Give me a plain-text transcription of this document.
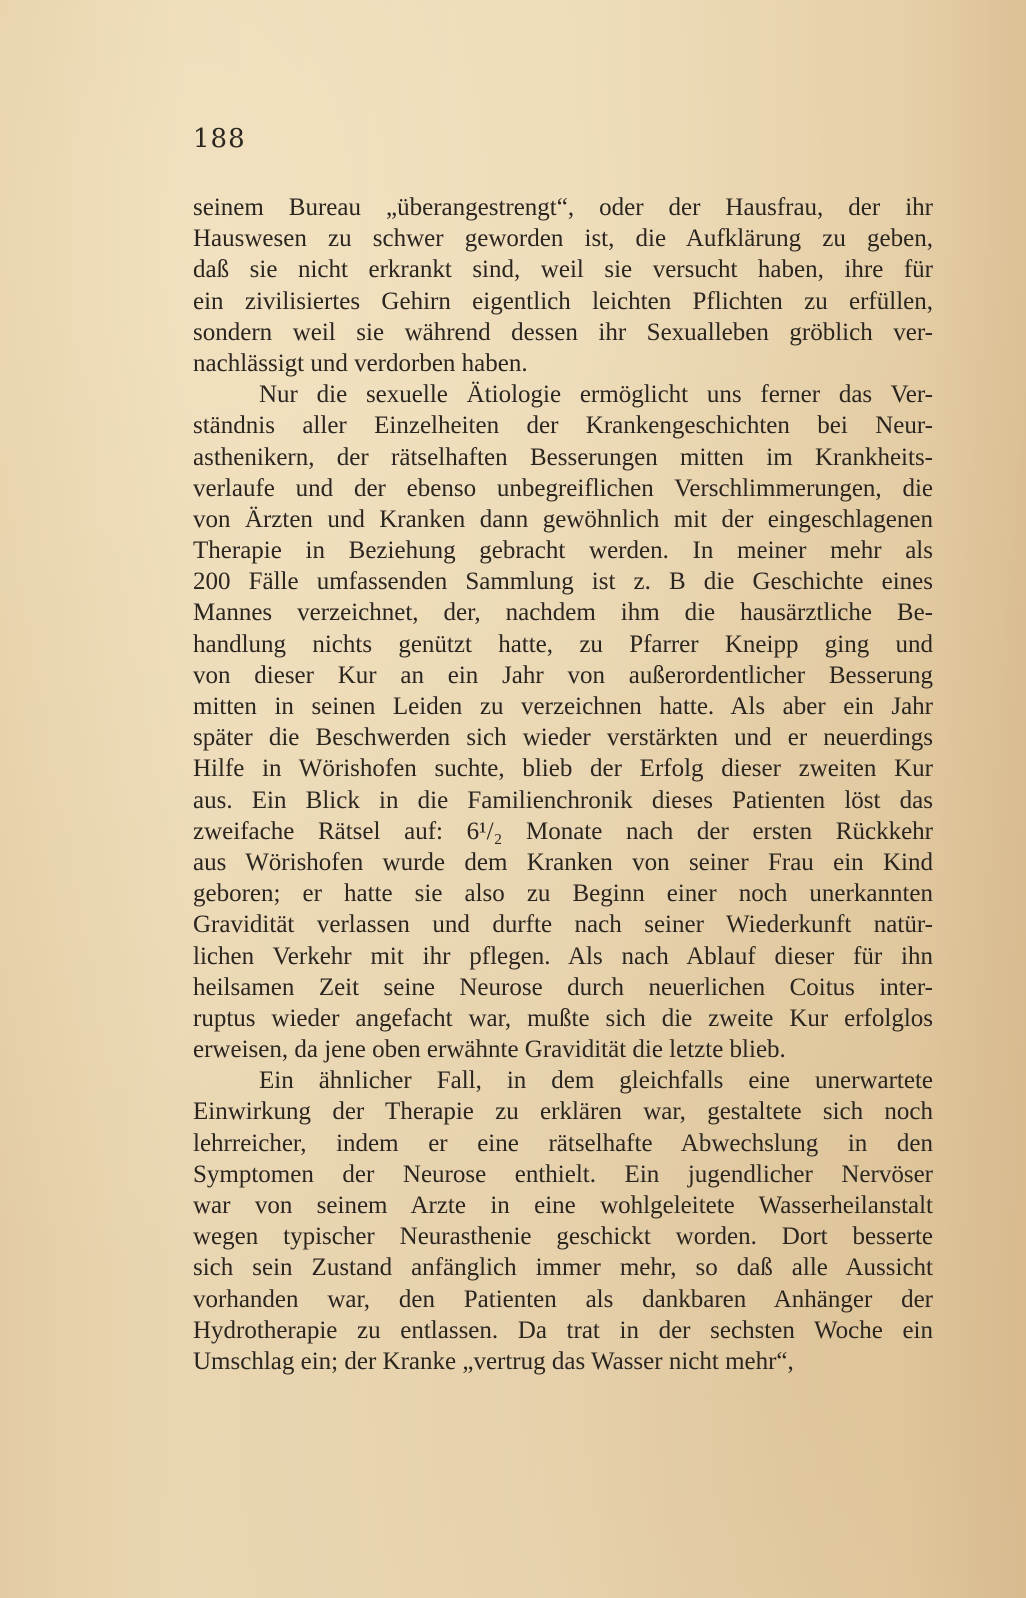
188
seinem Bureau „überangestrengt“, oder der Hausfrau, der ihr
Hauswesen zu schwer geworden ist, die Aufklärung zu geben,
daß sie nicht erkrankt sind, weil sie versucht haben, ihre für
ein zivilisiertes Gehirn eigentlich leichten Pflichten zu erfüllen,
sondern weil sie während dessen ihr Sexualleben gröblich ver-
nachlässigt und verdorben haben.
Nur die sexuelle Ätiologie ermöglicht uns ferner das Ver-
ständnis aller Einzelheiten der Krankengeschichten bei Neur-
asthenikern, der rätselhaften Besserungen mitten im Krankheits-
verlaufe und der ebenso unbegreiflichen Verschlimmerungen, die
von Ärzten und Kranken dann gewöhnlich mit der eingeschlagenen
Therapie in Beziehung gebracht werden. In meiner mehr als
200 Fälle umfassenden Sammlung ist z. B die Geschichte eines
Mannes verzeichnet, der, nachdem ihm die hausärztliche Be-
handlung nichts genützt hatte, zu Pfarrer Kneipp ging und
von dieser Kur an ein Jahr von außerordentlicher Besserung
mitten in seinen Leiden zu verzeichnen hatte. Als aber ein Jahr
später die Beschwerden sich wieder verstärkten und er neuerdings
Hilfe in Wörishofen suchte, blieb der Erfolg dieser zweiten Kur
aus. Ein Blick in die Familienchronik dieses Patienten löst das
zweifache Rätsel auf: 6¹/₂ Monate nach der ersten Rückkehr
aus Wörishofen wurde dem Kranken von seiner Frau ein Kind
geboren; er hatte sie also zu Beginn einer noch unerkannten
Gravidität verlassen und durfte nach seiner Wiederkunft natür-
lichen Verkehr mit ihr pflegen. Als nach Ablauf dieser für ihn
heilsamen Zeit seine Neurose durch neuerlichen Coitus inter-
ruptus wieder angefacht war, mußte sich die zweite Kur erfolglos
erweisen, da jene oben erwähnte Gravidität die letzte blieb.
Ein ähnlicher Fall, in dem gleichfalls eine unerwartete
Einwirkung der Therapie zu erklären war, gestaltete sich noch
lehrreicher, indem er eine rätselhafte Abwechslung in den
Symptomen der Neurose enthielt. Ein jugendlicher Nervöser
war von seinem Arzte in eine wohlgeleitete Wasserheilanstalt
wegen typischer Neurasthenie geschickt worden. Dort besserte
sich sein Zustand anfänglich immer mehr, so daß alle Aussicht
vorhanden war, den Patienten als dankbaren Anhänger der
Hydrotherapie zu entlassen. Da trat in der sechsten Woche ein
Umschlag ein; der Kranke „vertrug das Wasser nicht mehr“,
